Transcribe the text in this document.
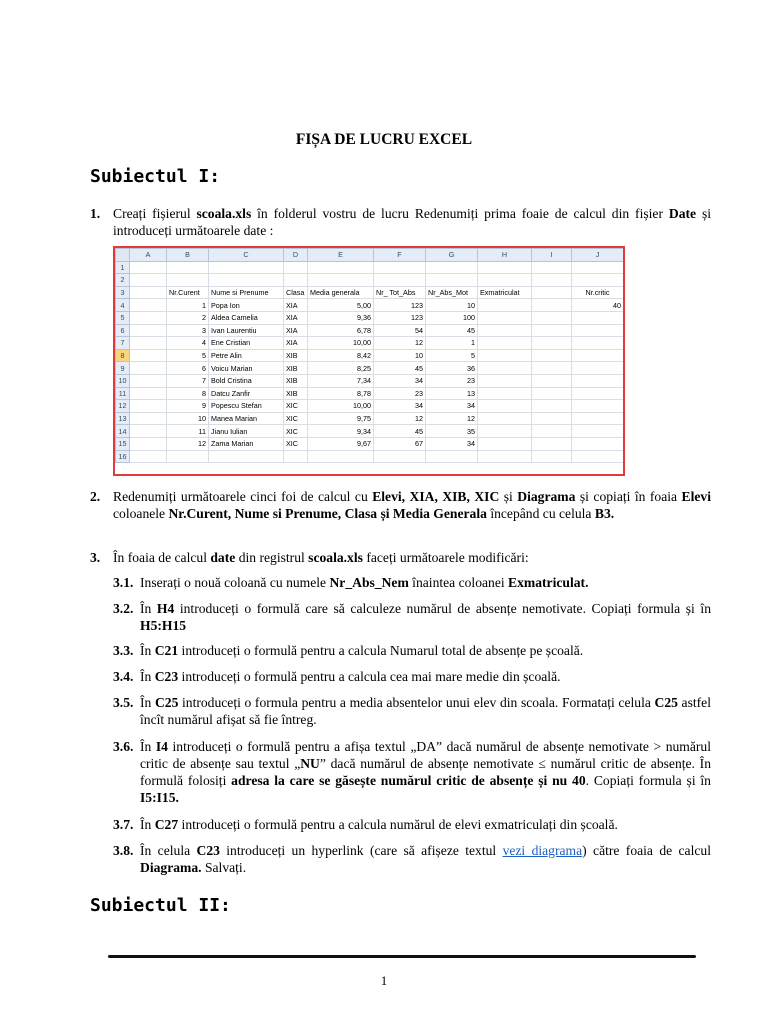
FIȘA DE LUCRU EXCEL
Subiectul I:
1. Creați fișierul scoala.xls în folderul vostru de lucru Redenumiți prima foaie de calcul din fișier Date și introduceți următoarele date :
	A	B	C	D	E	F	G	H	I	J
1										
2										
3		Nr.Curent	Nume si Prenume	Clasa	Media generala	Nr_ Tot_Abs	Nr_Abs_Mot	Exmatriculat		Nr.critic
4		1	Popa Ion	XIA	5,00	123	10			40
5		2	Aldea Camelia	XIA	9,36	123	100			
6		3	Ivan Laurentiu	XIA	6,78	54	45			
7		4	Ene Cristian	XIA	10,00	12	1			
8		5	Petre Alin	XIB	8,42	10	5			
9		6	Voicu Marian	XIB	8,25	45	36			
10		7	Bold Cristina	XIB	7,34	34	23			
11		8	Datcu Zanfir	XIB	8,78	23	13			
12		9	Popescu Stefan	XIC	10,00	34	34			
13		10	Manea Marian	XIC	9,75	12	12			
14		11	Jianu Iulian	XIC	9,34	45	35			
15		12	Zama Marian	XIC	9,67	67	34			
16										
2. Redenumiți următoarele cinci foi de calcul cu Elevi, XIA, XIB, XIC și Diagrama și copiați în foaia Elevi coloanele Nr.Curent, Nume si Prenume, Clasa și Media Generala începând cu celula B3.
3. În foaia de calcul date din registrul scoala.xls faceți următoarele modificări:
3.1. Inserați o nouă coloană cu numele Nr_Abs_Nem înaintea coloanei Exmatriculat.
3.2. În H4 introduceți o formulă care să calculeze numărul de absențe nemotivate. Copiați formula și în H5:H15
3.3. În C21 introduceți o formulă pentru a calcula Numarul total de absențe pe școală.
3.4. În C23 introduceți o formulă pentru a calcula cea mai mare medie din școală.
3.5. În C25 introduceți o formula pentru a media absentelor unui elev din scoala. Formatați celula C25 astfel încît numărul afișat să fie întreg.
3.6. În I4 introduceți o formulă pentru a afișa textul „DA” dacă numărul de absențe nemotivate > numărul critic de absențe sau textul „NU” dacă numărul de absențe nemotivate ≤ numărul critic de absențe. În formulă folosiți adresa la care se găsește numărul critic de absențe și nu 40. Copiați formula și în I5:I15.
3.7. În C27 introduceți o formulă pentru a calcula numărul de elevi exmatriculați din școală.
3.8. În celula C23 introduceți un hyperlink (care să afișeze textul vezi diagrama) către foaia de calcul Diagrama. Salvați.
Subiectul II:
1
